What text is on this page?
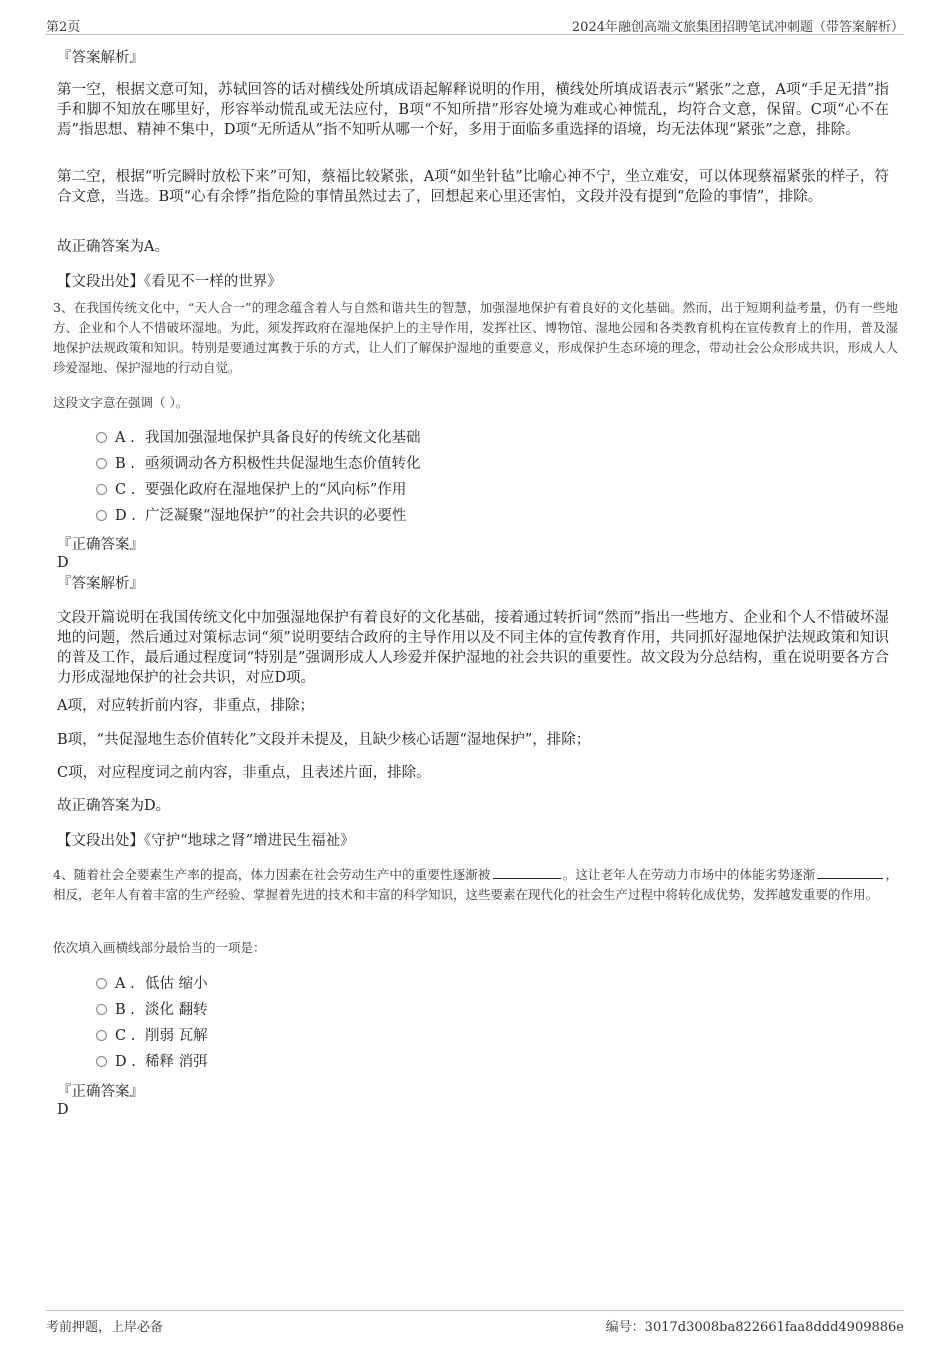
第2页	2024年融创高端文旅集团招聘笔试冲刺题（带答案解析）
『答案解析』
第一空，根据文意可知，苏轼回答的话对横线处所填成语起解释说明的作用，横线处所填成语表示“紧张”之意，A项“手足无措”指手和脚不知放在哪里好，形容举动慌乱或无法应付，B项“不知所措”形容处境为难或心神慌乱，均符合文意，保留。C项“心不在焉”指思想、精神不集中，D项“无所适从”指不知听从哪一个好，多用于面临多重选择的语境，均无法体现“紧张”之意，排除。
第二空，根据“听完瞬时放松下来”可知，蔡福比较紧张，A项“如坐针毡”比喻心神不宁，坐立难安，可以体现蔡福紧张的样子，符合文意，当选。B项“心有余悸”指危险的事情虽然过去了，回想起来心里还害怕，文段并没有提到“危险的事情”，排除。
故正确答案为A。
【文段出处】《看见不一样的世界》
3、在我国传统文化中，“天人合一”的理念蕴含着人与自然和谐共生的智慧，加强湿地保护有着良好的文化基础。然而，出于短期利益考量，仍有一些地方、企业和个人不惜破坏湿地。为此，须发挥政府在湿地保护上的主导作用，发挥社区、博物馆、湿地公园和各类教育机构在宣传教育上的作用，普及湿地保护法规政策和知识。特别是要通过寓教于乐的方式，让人们了解保护湿地的重要意义，形成保护生态环境的理念，带动社会公众形成共识，形成人人珍爱湿地、保护湿地的行动自觉。
这段文字意在强调（ ）。
A . 我国加强湿地保护具备良好的传统文化基础
B . 亟须调动各方积极性共促湿地生态价值转化
C . 要强化政府在湿地保护上的“风向标”作用
D . 广泛凝聚“湿地保护”的社会共识的必要性
『正确答案』
D
『答案解析』
文段开篇说明在我国传统文化中加强湿地保护有着良好的文化基础，接着通过转折词“然而”指出一些地方、企业和个人不惜破坏湿地的问题，然后通过对策标志词“须”说明要结合政府的主导作用以及不同主体的宣传教育作用，共同抓好湿地保护法规政策和知识的普及工作，最后通过程度词“特别是”强调形成人人珍爱并保护湿地的社会共识的重要性。故文段为分总结构，重在说明要各方合力形成湿地保护的社会共识，对应D项。
A项，对应转折前内容，非重点，排除；
B项，“共促湿地生态价值转化”文段并未提及，且缺少核心话题“湿地保护”，排除；
C项，对应程度词之前内容，非重点，且表述片面，排除。
故正确答案为D。
【文段出处】《守护“地球之肾”增进民生福祉》
4、随着社会全要素生产率的提高，体力因素在社会劳动生产中的重要性逐渐被	。这让老年人在劳动力市场中的体能劣势逐渐	，相反，老年人有着丰富的生产经验、掌握着先进的技术和丰富的科学知识，这些要素在现代化的社会生产过程中将转化成优势，发挥越发重要的作用。
依次填入画横线部分最恰当的一项是：
A . 低估 缩小
B . 淡化 翻转
C . 削弱 瓦解
D . 稀释 消弭
『正确答案』
D
考前押题，上岸必备	编号：3017d3008ba822661faa8ddd4909886e
